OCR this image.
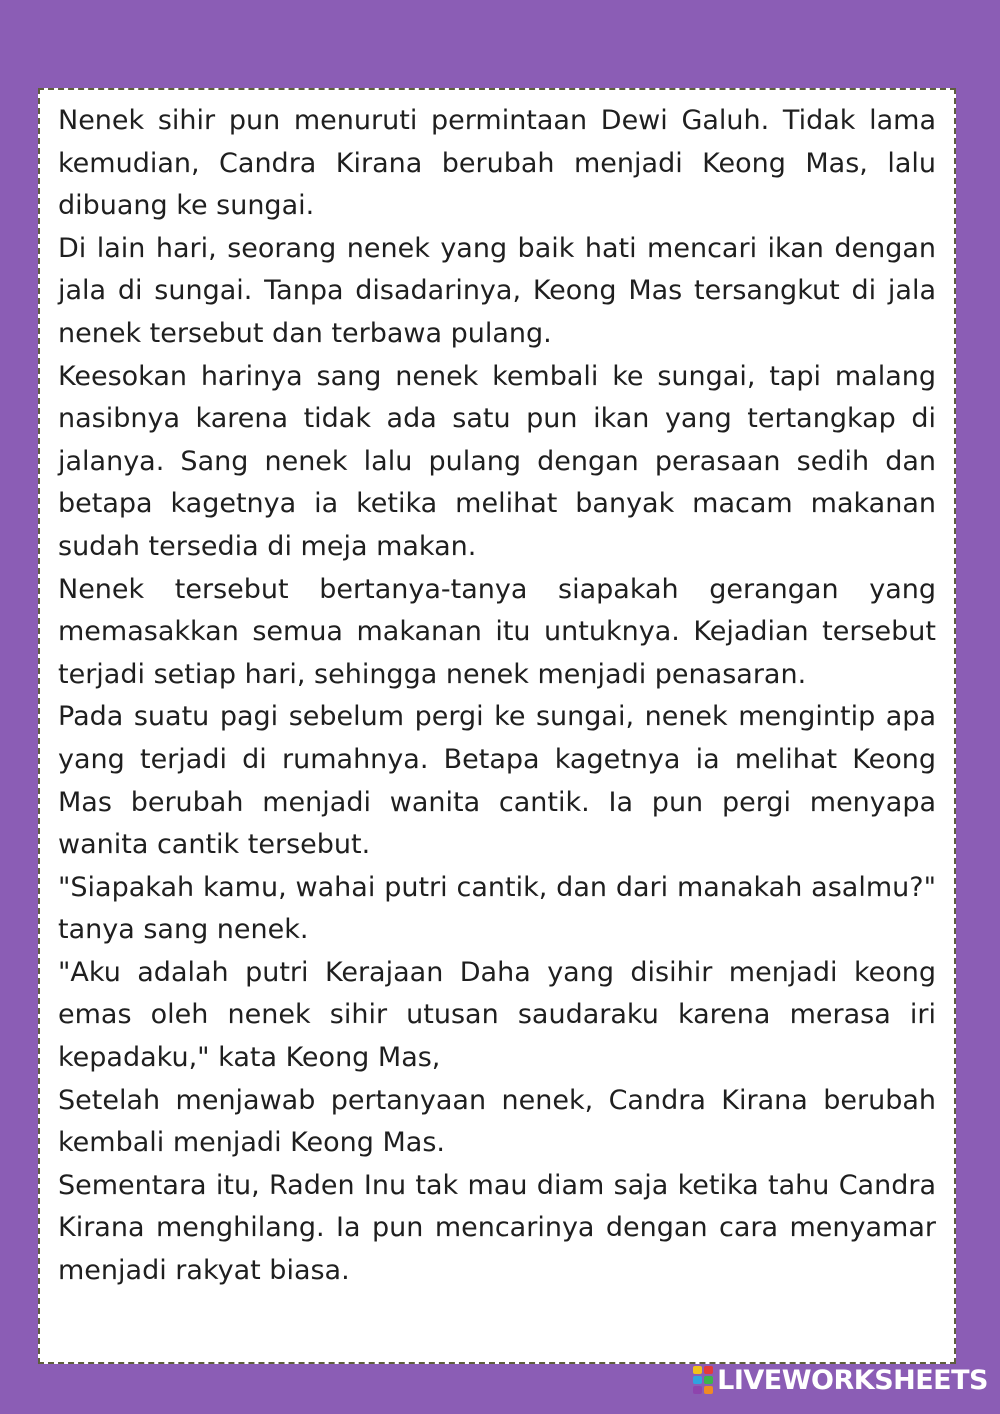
Nenek sihir pun menuruti permintaan Dewi Galuh. Tidak lama kemudian, Candra Kirana berubah menjadi Keong Mas, lalu dibuang ke sungai.

Di lain hari, seorang nenek yang baik hati mencari ikan dengan jala di sungai. Tanpa disadarinya, Keong Mas tersangkut di jala nenek tersebut dan terbawa pulang.

Keesokan harinya sang nenek kembali ke sungai, tapi malang nasibnya karena tidak ada satu pun ikan yang tertangkap di jalanya. Sang nenek lalu pulang dengan perasaan sedih dan betapa kagetnya ia ketika melihat banyak macam makanan sudah tersedia di meja makan.

Nenek tersebut bertanya-tanya siapakah gerangan yang memasakkan semua makanan itu untuknya. Kejadian tersebut terjadi setiap hari, sehingga nenek menjadi penasaran.

Pada suatu pagi sebelum pergi ke sungai, nenek mengintip apa yang terjadi di rumahnya. Betapa kagetnya ia melihat Keong Mas berubah menjadi wanita cantik. Ia pun pergi menyapa wanita cantik tersebut.

"Siapakah kamu, wahai putri cantik, dan dari manakah asalmu?" tanya sang nenek.

"Aku adalah putri Kerajaan Daha yang disihir menjadi keong emas oleh nenek sihir utusan saudaraku karena merasa iri kepadaku," kata Keong Mas,

Setelah menjawab pertanyaan nenek, Candra Kirana berubah kembali menjadi Keong Mas.

Sementara itu, Raden Inu tak mau diam saja ketika tahu Candra Kirana menghilang. Ia pun mencarinya dengan cara menyamar menjadi rakyat biasa.

LIVEWORKSHEETS
